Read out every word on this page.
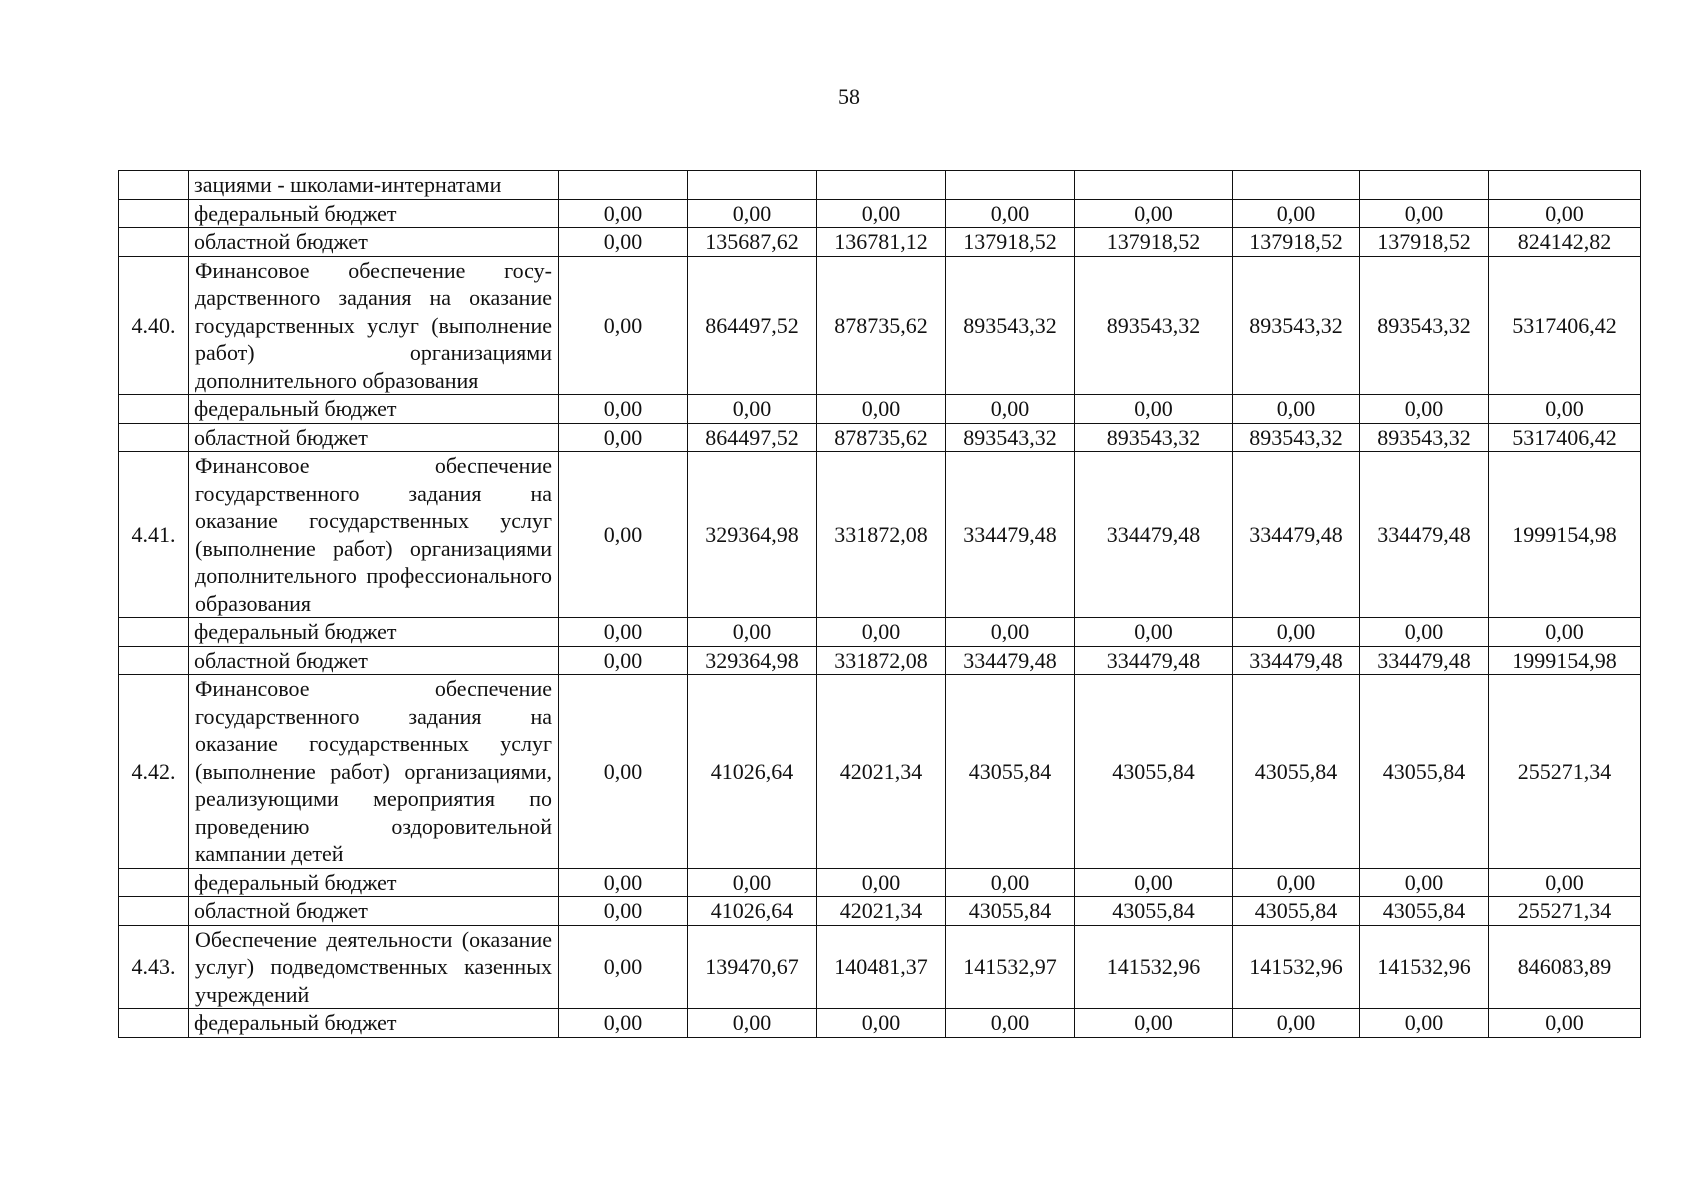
58
	зациями - школами-интернатами								
	федеральный бюджет	0,00	0,00	0,00	0,00	0,00	0,00	0,00	0,00
	областной бюджет	0,00	135687,62	136781,12	137918,52	137918,52	137918,52	137918,52	824142,82
4.40.	Финансовое обеспечение государственного задания на оказание государственных услуг (выполнение работ) организациями дополнительного образования	0,00	864497,52	878735,62	893543,32	893543,32	893543,32	893543,32	5317406,42
	федеральный бюджет	0,00	0,00	0,00	0,00	0,00	0,00	0,00	0,00
	областной бюджет	0,00	864497,52	878735,62	893543,32	893543,32	893543,32	893543,32	5317406,42
4.41.	Финансовое обеспечение государственного задания на оказание государственных услуг (выполнение работ) организациями дополнительного профессионального образования	0,00	329364,98	331872,08	334479,48	334479,48	334479,48	334479,48	1999154,98
	федеральный бюджет	0,00	0,00	0,00	0,00	0,00	0,00	0,00	0,00
	областной бюджет	0,00	329364,98	331872,08	334479,48	334479,48	334479,48	334479,48	1999154,98
4.42.	Финансовое обеспечение государственного задания на оказание государственных услуг (выполнение работ) организациями, реализующими мероприятия по проведению оздоровительной кампании детей	0,00	41026,64	42021,34	43055,84	43055,84	43055,84	43055,84	255271,34
	федеральный бюджет	0,00	0,00	0,00	0,00	0,00	0,00	0,00	0,00
	областной бюджет	0,00	41026,64	42021,34	43055,84	43055,84	43055,84	43055,84	255271,34
4.43.	Обеспечение деятельности (оказание услуг) подведомственных казенных учреждений	0,00	139470,67	140481,37	141532,97	141532,96	141532,96	141532,96	846083,89
	федеральный бюджет	0,00	0,00	0,00	0,00	0,00	0,00	0,00	0,00
